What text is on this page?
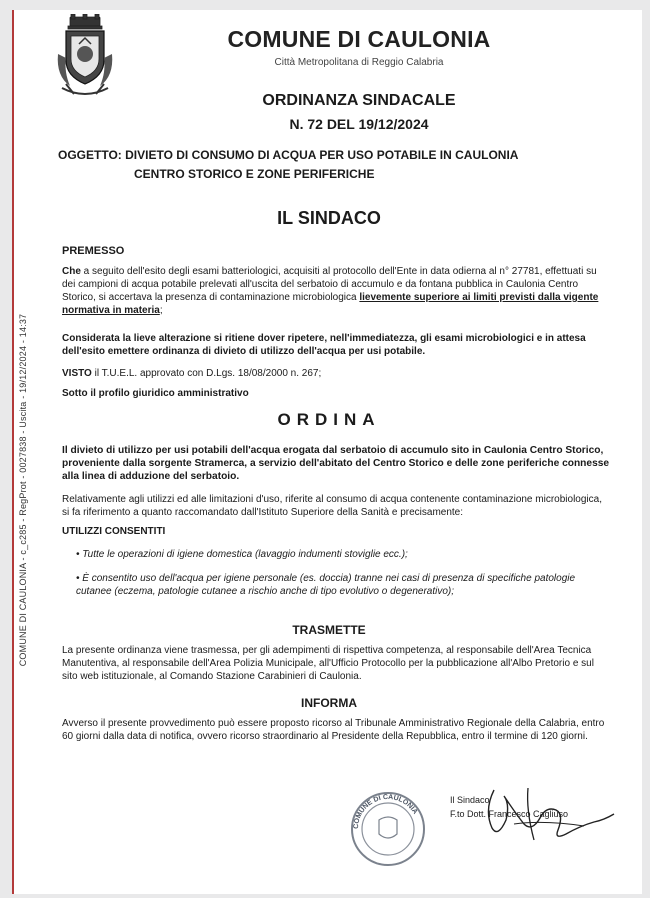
COMUNE DI CAULONIA - c_c285 - RegProt - 0027838 - Uscita - 19/12/2024 - 14:37
COMUNE DI CAULONIA
Città Metropolitana di Reggio Calabria
ORDINANZA SINDACALE
N. 72 DEL 19/12/2024
OGGETTO: DIVIETO DI CONSUMO DI ACQUA PER USO POTABILE IN CAULONIA
CENTRO STORICO E ZONE PERIFERICHE
IL SINDACO

PREMESSO

Che a seguito dell'esito degli esami batteriologici, acquisiti al protocollo dell'Ente in data odierna al n° 27781, effettuati su dei campioni di acqua potabile prelevati all'uscita del serbatoio di accumulo e da fontana pubblica in Caulonia Centro Storico, si accertava la presenza di contaminazione microbiologica lievemente superiore ai limiti previsti dalla vigente normativa in materia;

Considerata la lieve alterazione si ritiene dover ripetere, nell'immediatezza, gli esami microbiologici e in attesa dell'esito emettere ordinanza di divieto di utilizzo dell'acqua per usi potabile.

VISTO il T.U.E.L. approvato con D.Lgs. 18/08/2000 n. 267;

Sotto il profilo giuridico amministrativo

ORDINA

Il divieto di utilizzo per usi potabili dell'acqua erogata dal serbatoio di accumulo sito in Caulonia Centro Storico, proveniente dalla sorgente Stramerca, a servizio dell'abitato del Centro Storico e delle zone periferiche connesse alla linea di adduzione del serbatoio.

Relativamente agli utilizzi ed alle limitazioni d'uso, riferite al consumo di acqua contenente contaminazione microbiologica, si fa riferimento a quanto raccomandato dall'Istituto Superiore della Sanità e precisamente:

UTILIZZI CONSENTITI

• Tutte le operazioni di igiene domestica (lavaggio indumenti stoviglie ecc.);

• È consentito uso dell'acqua per igiene personale (es. doccia) tranne nei casi di presenza di specifiche patologie cutanee (eczema, patologie cutanee a rischio anche di tipo evolutivo o degenerativo);

TRASMETTE

La presente ordinanza viene trasmessa, per gli adempimenti di rispettiva competenza, al responsabile dell'Area Tecnica Manutentiva, al responsabile dell'Area Polizia Municipale, all'Ufficio Protocollo per la pubblicazione all'Albo Pretorio e sul sito web istituzionale, al Comando Stazione Carabinieri di Caulonia.

INFORMA

Avverso il presente provvedimento può essere proposto ricorso al Tribunale Amministrativo Regionale della Calabria, entro 60 giorni dalla data di notifica, ovvero ricorso straordinario al Presidente della Repubblica, entro il termine di 120 giorni.

COMUNE DI CAULONIA
Il Sindaco
F.to Dott. Francesco Cagliuso
